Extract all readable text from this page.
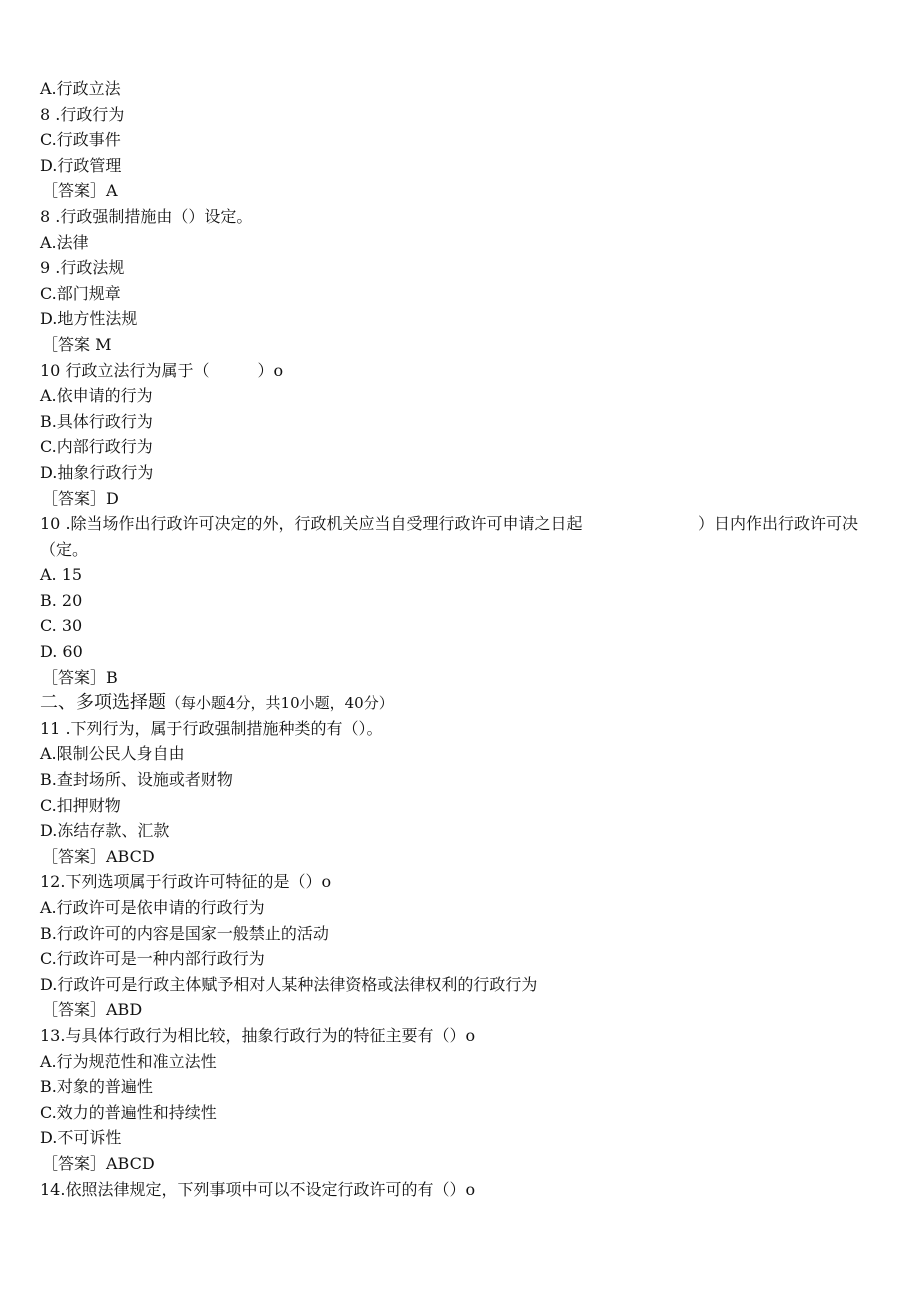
A.行政立法
8 .行政行为
C.行政事件
D.行政管理
［答案］A
8 .行政强制措施由（）设定。
A.法律
9 .行政法规
C.部门规章
D.地方性法规
［答案 M
10 行政立法行为属于（　　　）o
A.依申请的行为
B.具体行政行为
C.内部行政行为
D.抽象行政行为
［答案］D
10 .除当场作出行政许可决定的外，行政机关应当自受理行政许可申请之日起	）日内作出行政许可决
（定。
A. 15
B. 20
C. 30
D. 60
［答案］B
二、多项选择题（每小题4分，共10小题，40分）
11 .下列行为，属于行政强制措施种类的有（）。
A.限制公民人身自由
B.查封场所、设施或者财物
C.扣押财物
D.冻结存款、汇款
［答案］ABCD
12.下列选项属于行政许可特征的是（）o
A.行政许可是依申请的行政行为
B.行政许可的内容是国家一般禁止的活动
C.行政许可是一种内部行政行为
D.行政许可是行政主体赋予相对人某种法律资格或法律权利的行政行为
［答案］ABD
13.与具体行政行为相比较，抽象行政行为的特征主要有（）o
A.行为规范性和准立法性
B.对象的普遍性
C.效力的普遍性和持续性
D.不可诉性
［答案］ABCD
14.依照法律规定，下列事项中可以不设定行政许可的有（）o
